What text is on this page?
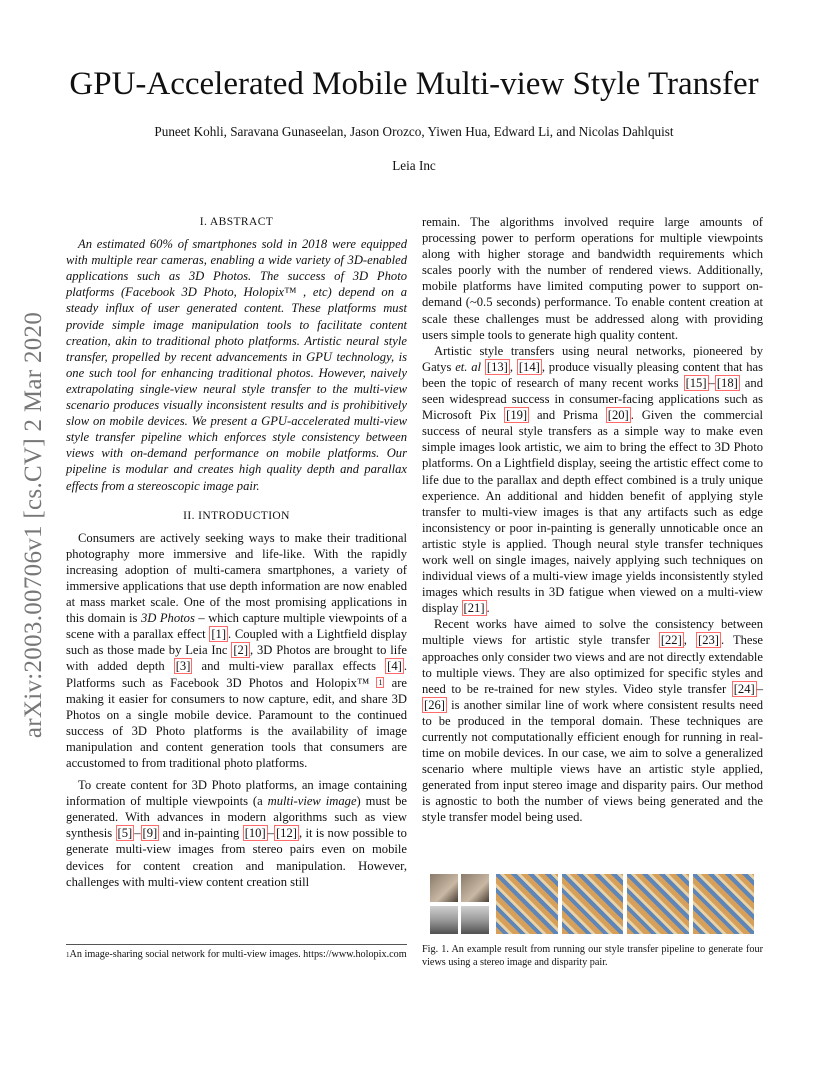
arXiv:2003.00706v1 [cs.CV] 2 Mar 2020
GPU-Accelerated Mobile Multi-view Style Transfer

Puneet Kohli, Saravana Gunaseelan, Jason Orozco, Yiwen Hua, Edward Li, and Nicolas Dahlquist

Leia Inc

I. ABSTRACT

An estimated 60% of smartphones sold in 2018 were equipped with multiple rear cameras, enabling a wide variety of 3D-enabled applications such as 3D Photos. The success of 3D Photo platforms (Facebook 3D Photo, Holopix™ , etc) depend on a steady influx of user generated content. These platforms must provide simple image manipulation tools to facilitate content creation, akin to traditional photo platforms. Artistic neural style transfer, propelled by recent advancements in GPU technology, is one such tool for enhancing traditional photos. However, naively extrapolating single-view neural style transfer to the multi-view scenario produces visually inconsistent results and is prohibitively slow on mobile devices. We present a GPU-accelerated multi-view style transfer pipeline which enforces style consistency between views with on-demand performance on mobile platforms. Our pipeline is modular and creates high quality depth and parallax effects from a stereoscopic image pair.

II. INTRODUCTION

Consumers are actively seeking ways to make their traditional photography more immersive and life-like. With the rapidly increasing adoption of multi-camera smartphones, a variety of immersive applications that use depth information are now enabled at mass market scale. One of the most promising applications in this domain is 3D Photos – which capture multiple viewpoints of a scene with a parallax effect [1] . Coupled with a Lightfield display such as those made by Leia Inc [2] , 3D Photos are brought to life with added depth [3] and multi-view parallax effects [4] . Platforms such as Facebook 3D Photos and Holopix™ $^1$ are making it easier for consumers to now capture, edit, and share 3D Photos on a single mobile device. Paramount to the continued success of 3D Photo platforms is the availability of image manipulation and content generation tools that consumers are accustomed to from traditional photo platforms.

To create content for 3D Photo platforms, an image containing information of multiple viewpoints (a multi-view image) must be generated. With advances in modern algorithms such as view synthesis [5] – [9] and in-painting [10] – [12] , it is now possible to generate multi-view images from stereo pairs even on mobile devices for content creation and manipulation. However, challenges with multi-view content creation still

remain. The algorithms involved require large amounts of processing power to perform operations for multiple viewpoints along with higher storage and bandwidth requirements which scales poorly with the number of rendered views. Additionally, mobile platforms have limited computing power to support on-demand (~0.5 seconds) performance. To enable content creation at scale these challenges must be addressed along with providing users simple tools to generate high quality content.

Artistic style transfers using neural networks, pioneered by Gatys et. al [13] , [14] , produce visually pleasing content that has been the topic of research of many recent works [15] – [18] and seen widespread success in consumer-facing applications such as Microsoft Pix [19] and Prisma [20] . Given the commercial success of neural style transfers as a simple way to make even simple images look artistic, we aim to bring the effect to 3D Photo platforms. On a Lightfield display, seeing the artistic effect come to life due to the parallax and depth effect combined is a truly unique experience. An additional and hidden benefit of applying style transfer to multi-view images is that any artifacts such as edge inconsistency or poor in-painting is generally unnoticable once an artistic style is applied. Though neural style transfer techniques work well on single images, naively applying such techniques on individual views of a multi-view image yields inconsistently styled images which results in 3D fatigue when viewed on a multi-view display [21] .

Recent works have aimed to solve the consistency between multiple views for artistic style transfer [22] , [23] . These approaches only consider two views and are not directly extendable to multiple views. They are also optimized for specific styles and need to be re-trained for new styles. Video style transfer [24] –[26] is another similar line of work where consistent results need to be produced in the temporal domain. These techniques are currently not computationally efficient enough for running in real-time on mobile devices. In our case, we aim to solve a generalized scenario where multiple views have an artistic style applied, generated from input stereo image and disparity pairs. Our method is agnostic to both the number of views being generated and the style transfer model being used.

$^1$An image-sharing social network for multi-view images. https://www.holopix.com Fig. 1. An example result from running our style transfer pipeline to generate four views using a stereo image and disparity pair.
